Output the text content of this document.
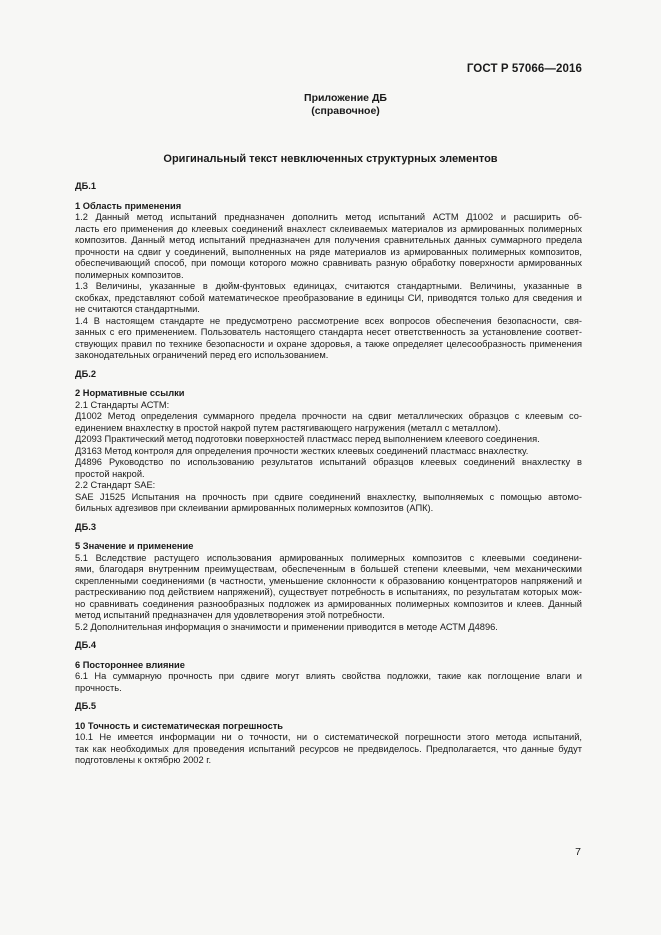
ГОСТ Р 57066—2016
Приложение ДБ
(справочное)
Оригинальный текст невключенных структурных элементов
ДБ.1
1 Область применения
1.2 Данный метод испытаний предназначен дополнить метод испытаний АСТМ Д1002 и расширить об-
ласть его применения до клеевых соединений внахлест склеиваемых материалов из армированных полимерных
композитов. Данный метод испытаний предназначен для получения сравнительных данных суммарного предела
прочности на сдвиг у соединений, выполненных на ряде материалов из армированных полимерных композитов,
обеспечивающий способ, при помощи которого можно сравнивать разную обработку поверхности армированных
полимерных композитов.
1.3 Величины, указанные в дюйм-фунтовых единицах, считаются стандартными. Величины, указанные в
скобках, представляют собой математическое преобразование в единицы СИ, приводятся только для сведения и
не считаются стандартными.
1.4 В настоящем стандарте не предусмотрено рассмотрение всех вопросов обеспечения безопасности, свя-
занных с его применением. Пользователь настоящего стандарта несет ответственность за установление соответ-
ствующих правил по технике безопасности и охране здоровья, а также определяет целесообразность применения
законодательных ограничений перед его использованием.
ДБ.2
2 Нормативные ссылки
2.1 Стандарты АСТМ:
Д1002 Метод определения суммарного предела прочности на сдвиг металлических образцов с клеевым со-
единением внахлестку в простой накрой путем растягивающего нагружения (металл с металлом).
Д2093 Практический метод подготовки поверхностей пластмасс перед выполнением клеевого соединения.
Д3163 Метод контроля для определения прочности жестких клеевых соединений пластмасс внахлестку.
Д4896 Руководство по использованию результатов испытаний образцов клеевых соединений внахлестку в
простой накрой.
2.2 Стандарт SAE:
SAE J1525 Испытания на прочность при сдвиге соединений внахлестку, выполняемых с помощью автомо-
бильных адгезивов при склеивании армированных полимерных композитов (АПК).
ДБ.3
5 Значение и применение
5.1 Вследствие растущего использования армированных полимерных композитов с клеевыми соединени-
ями, благодаря внутренним преимуществам, обеспеченным в большей степени клеевыми, чем механическими
скрепленными соединениями (в частности, уменьшение склонности к образованию концентраторов напряжений и
растрескиванию под действием напряжений), существует потребность в испытаниях, по результатам которых мож-
но сравнивать соединения разнообразных подложек из армированных полимерных композитов и клеев. Данный
метод испытаний предназначен для удовлетворения этой потребности.
5.2 Дополнительная информация о значимости и применении приводится в методе АСТМ Д4896.
ДБ.4
6 Постороннее влияние
6.1 На суммарную прочность при сдвиге могут влиять свойства подложки, такие как поглощение влаги и
прочность.
ДБ.5
10 Точность и систематическая погрешность
10.1 Не имеется информации ни о точности, ни о систематической погрешности этого метода испытаний,
так как необходимых для проведения испытаний ресурсов не предвиделось. Предполагается, что данные будут
подготовлены к октябрю 2002 г.
7
